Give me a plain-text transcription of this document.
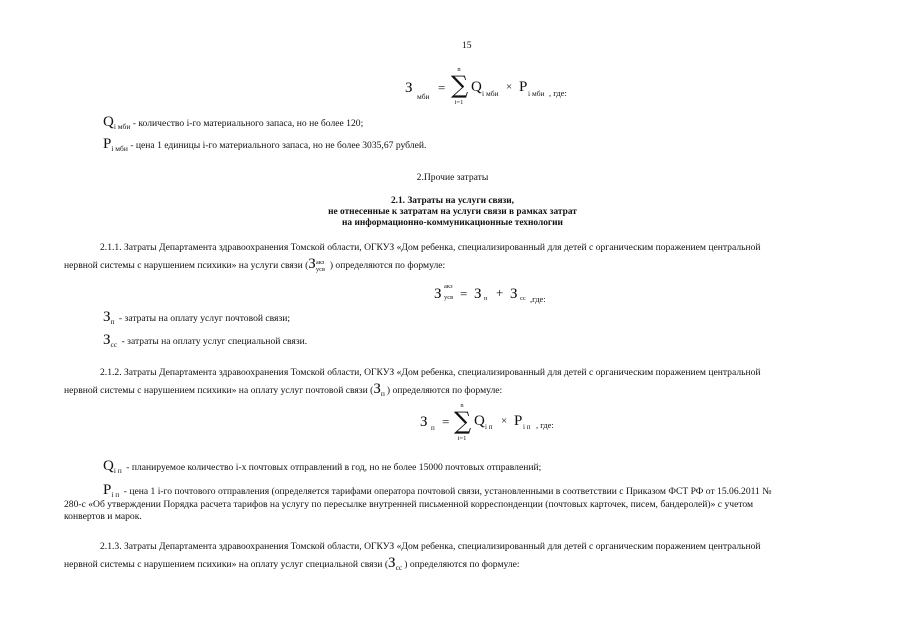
15
З
$_{мби}$
=
n
∑
i=1
Q i мби
× P i мби , где:
$Q_{i мби}$ - количество i-го материального запаса, но не более 120;
$P_{i мби}$ - цена 1 единицы i-го материального запаса, но не более 3035,67 рублей.
2.Прочие затраты
2.1. Затраты на услуги связи,
не отнесенные к затратам на услуги связи в рамках затрат
на информационно-коммуникационные технологии
2.1.1. Затраты Департамента здравоохранения Томской области, ОГКУЗ «Дом ребенка, специализированный для детей с органическим поражением центральной
нервной системы с нарушением психики» на услуги связи (З акз
усв ) определяются по формуле:
З акз
усв = З п + З сс ,где:
$З_п$ - затраты на оплату услуг почтовой связи;
$З_{сс}$ - затраты на оплату услуг специальной связи.
2.1.2. Затраты Департамента здравоохранения Томской области, ОГКУЗ «Дом ребенка, специализированный для детей с органическим поражением центральной
нервной системы с нарушением психики» на оплату услуг почтовой связи ($З_п$ ) определяются по формуле:
З п =
n
∑
i=1
Q i п × P i п , где:
$Q_{i п}$ - планируемое количество i-х почтовых отправлений в год, но не более 15000 почтовых отправлений;
$P_{i п}$ - цена 1 i-го почтового отправления (определяется тарифами оператора почтовой связи, установленными в соответствии с Приказом ФСТ РФ от 15.06.2011 №
280-с «Об утверждении Порядка расчета тарифов на услугу по пересылке внутренней письменной корреспонденции (почтовых карточек, писем, бандеролей)» с учетом
конвертов и марок.
2.1.3. Затраты Департамента здравоохранения Томской области, ОГКУЗ «Дом ребенка, специализированный для детей с органическим поражением центральной
нервной системы с нарушением психики» на оплату услуг специальной связи ($З_{сс}$ ) определяются по формуле:
